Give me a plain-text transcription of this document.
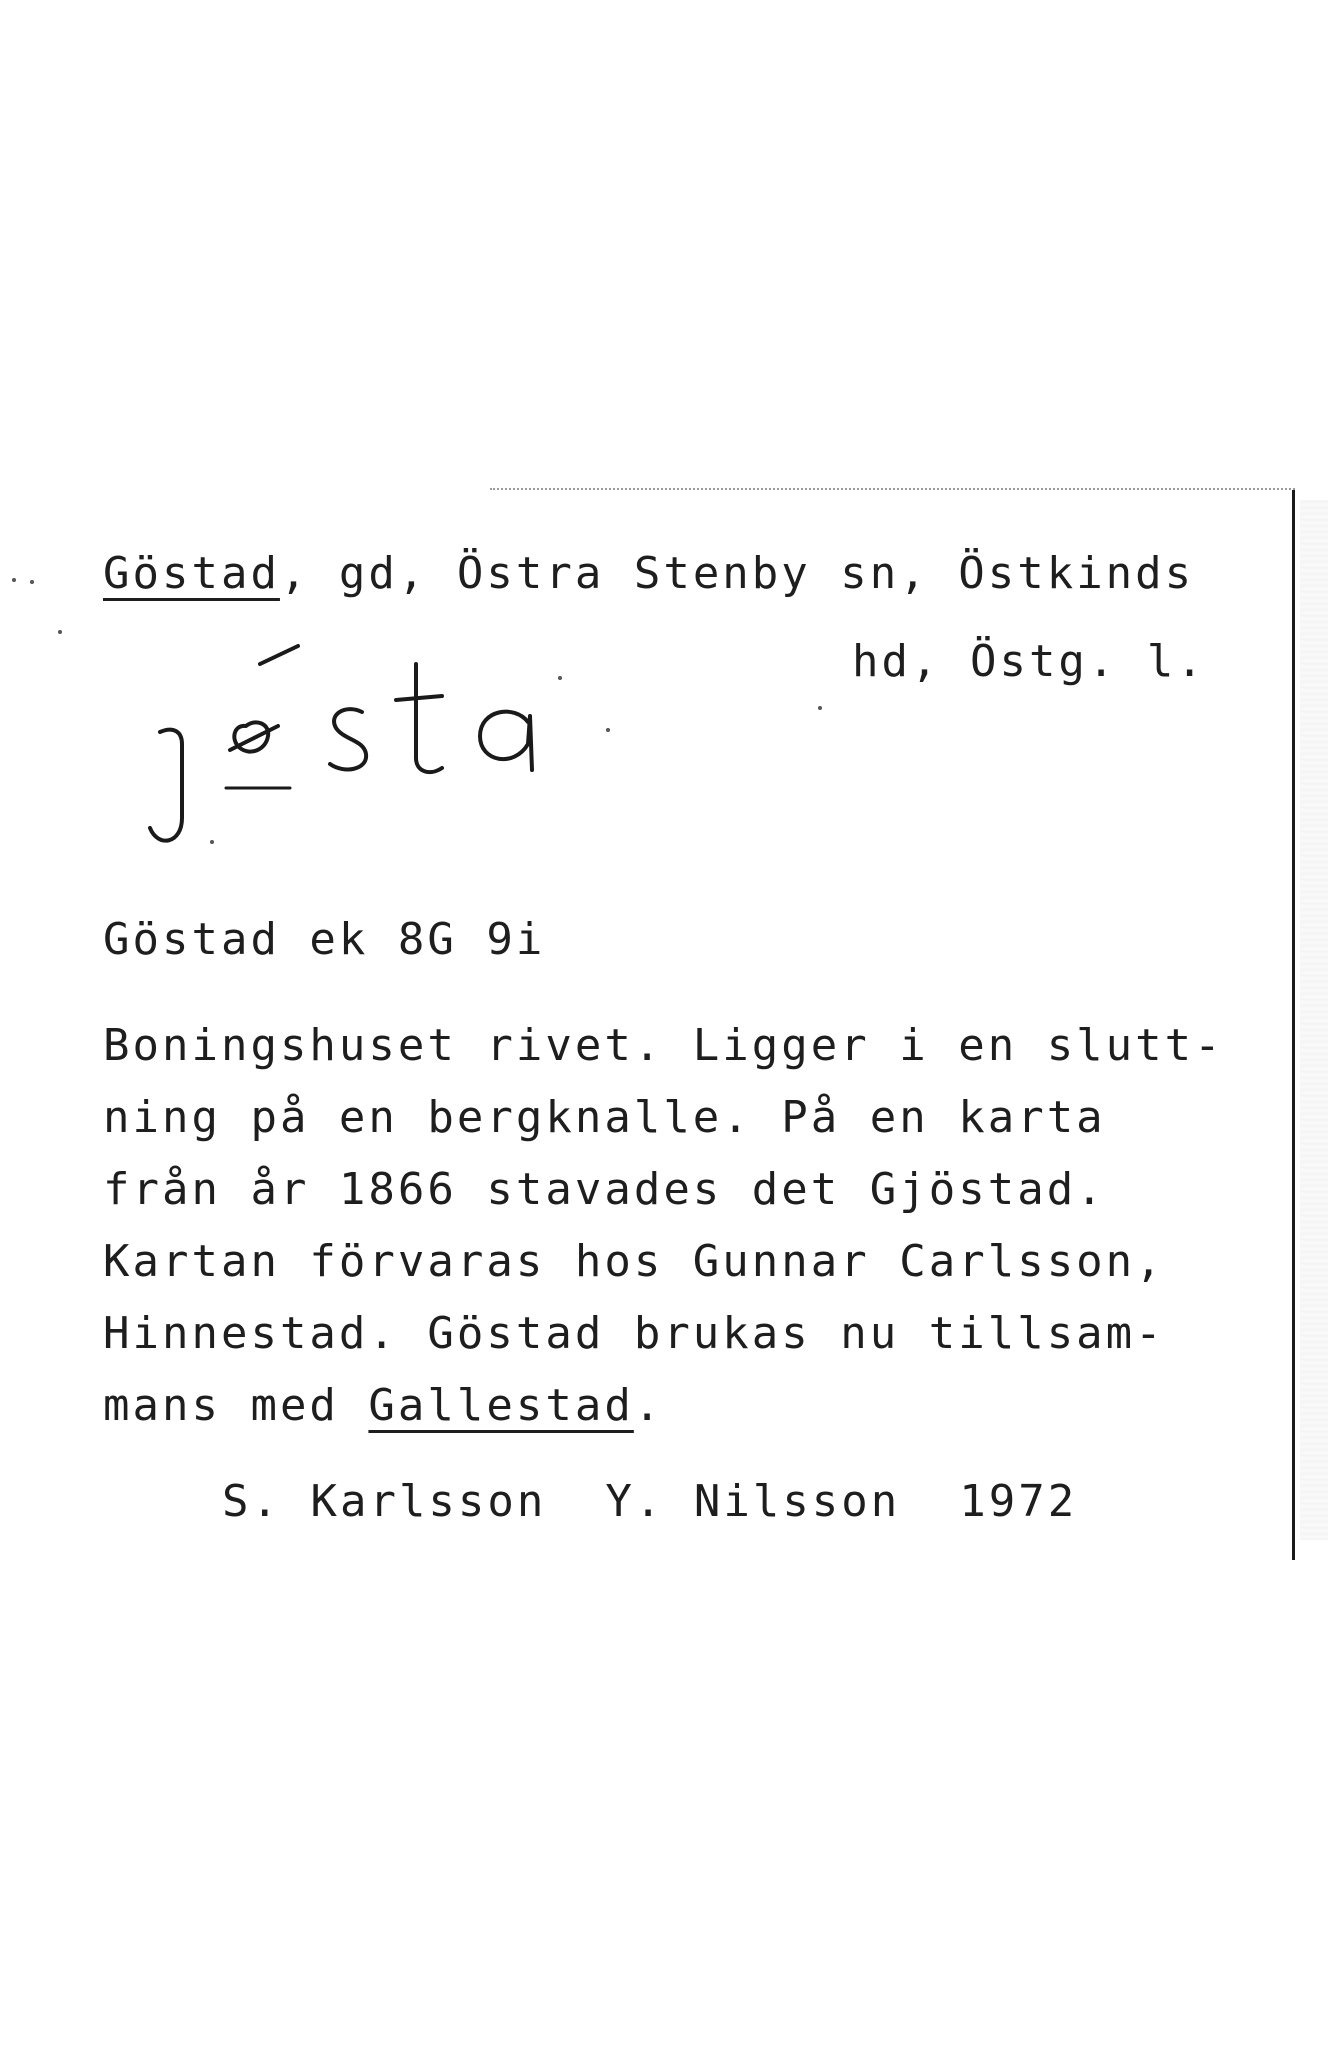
Göstad, gd, Östra Stenby sn, Östkinds
hd, Östg. l.
Göstad ek 8G 9i
Boningshuset rivet. Ligger i en slutt-
ning på en bergknalle. På en karta
från år 1866 stavades det Gjöstad.
Kartan förvaras hos Gunnar Carlsson,
Hinnestad. Göstad brukas nu tillsam-
mans med Gallestad.
S. Karlsson  Y. Nilsson  1972
